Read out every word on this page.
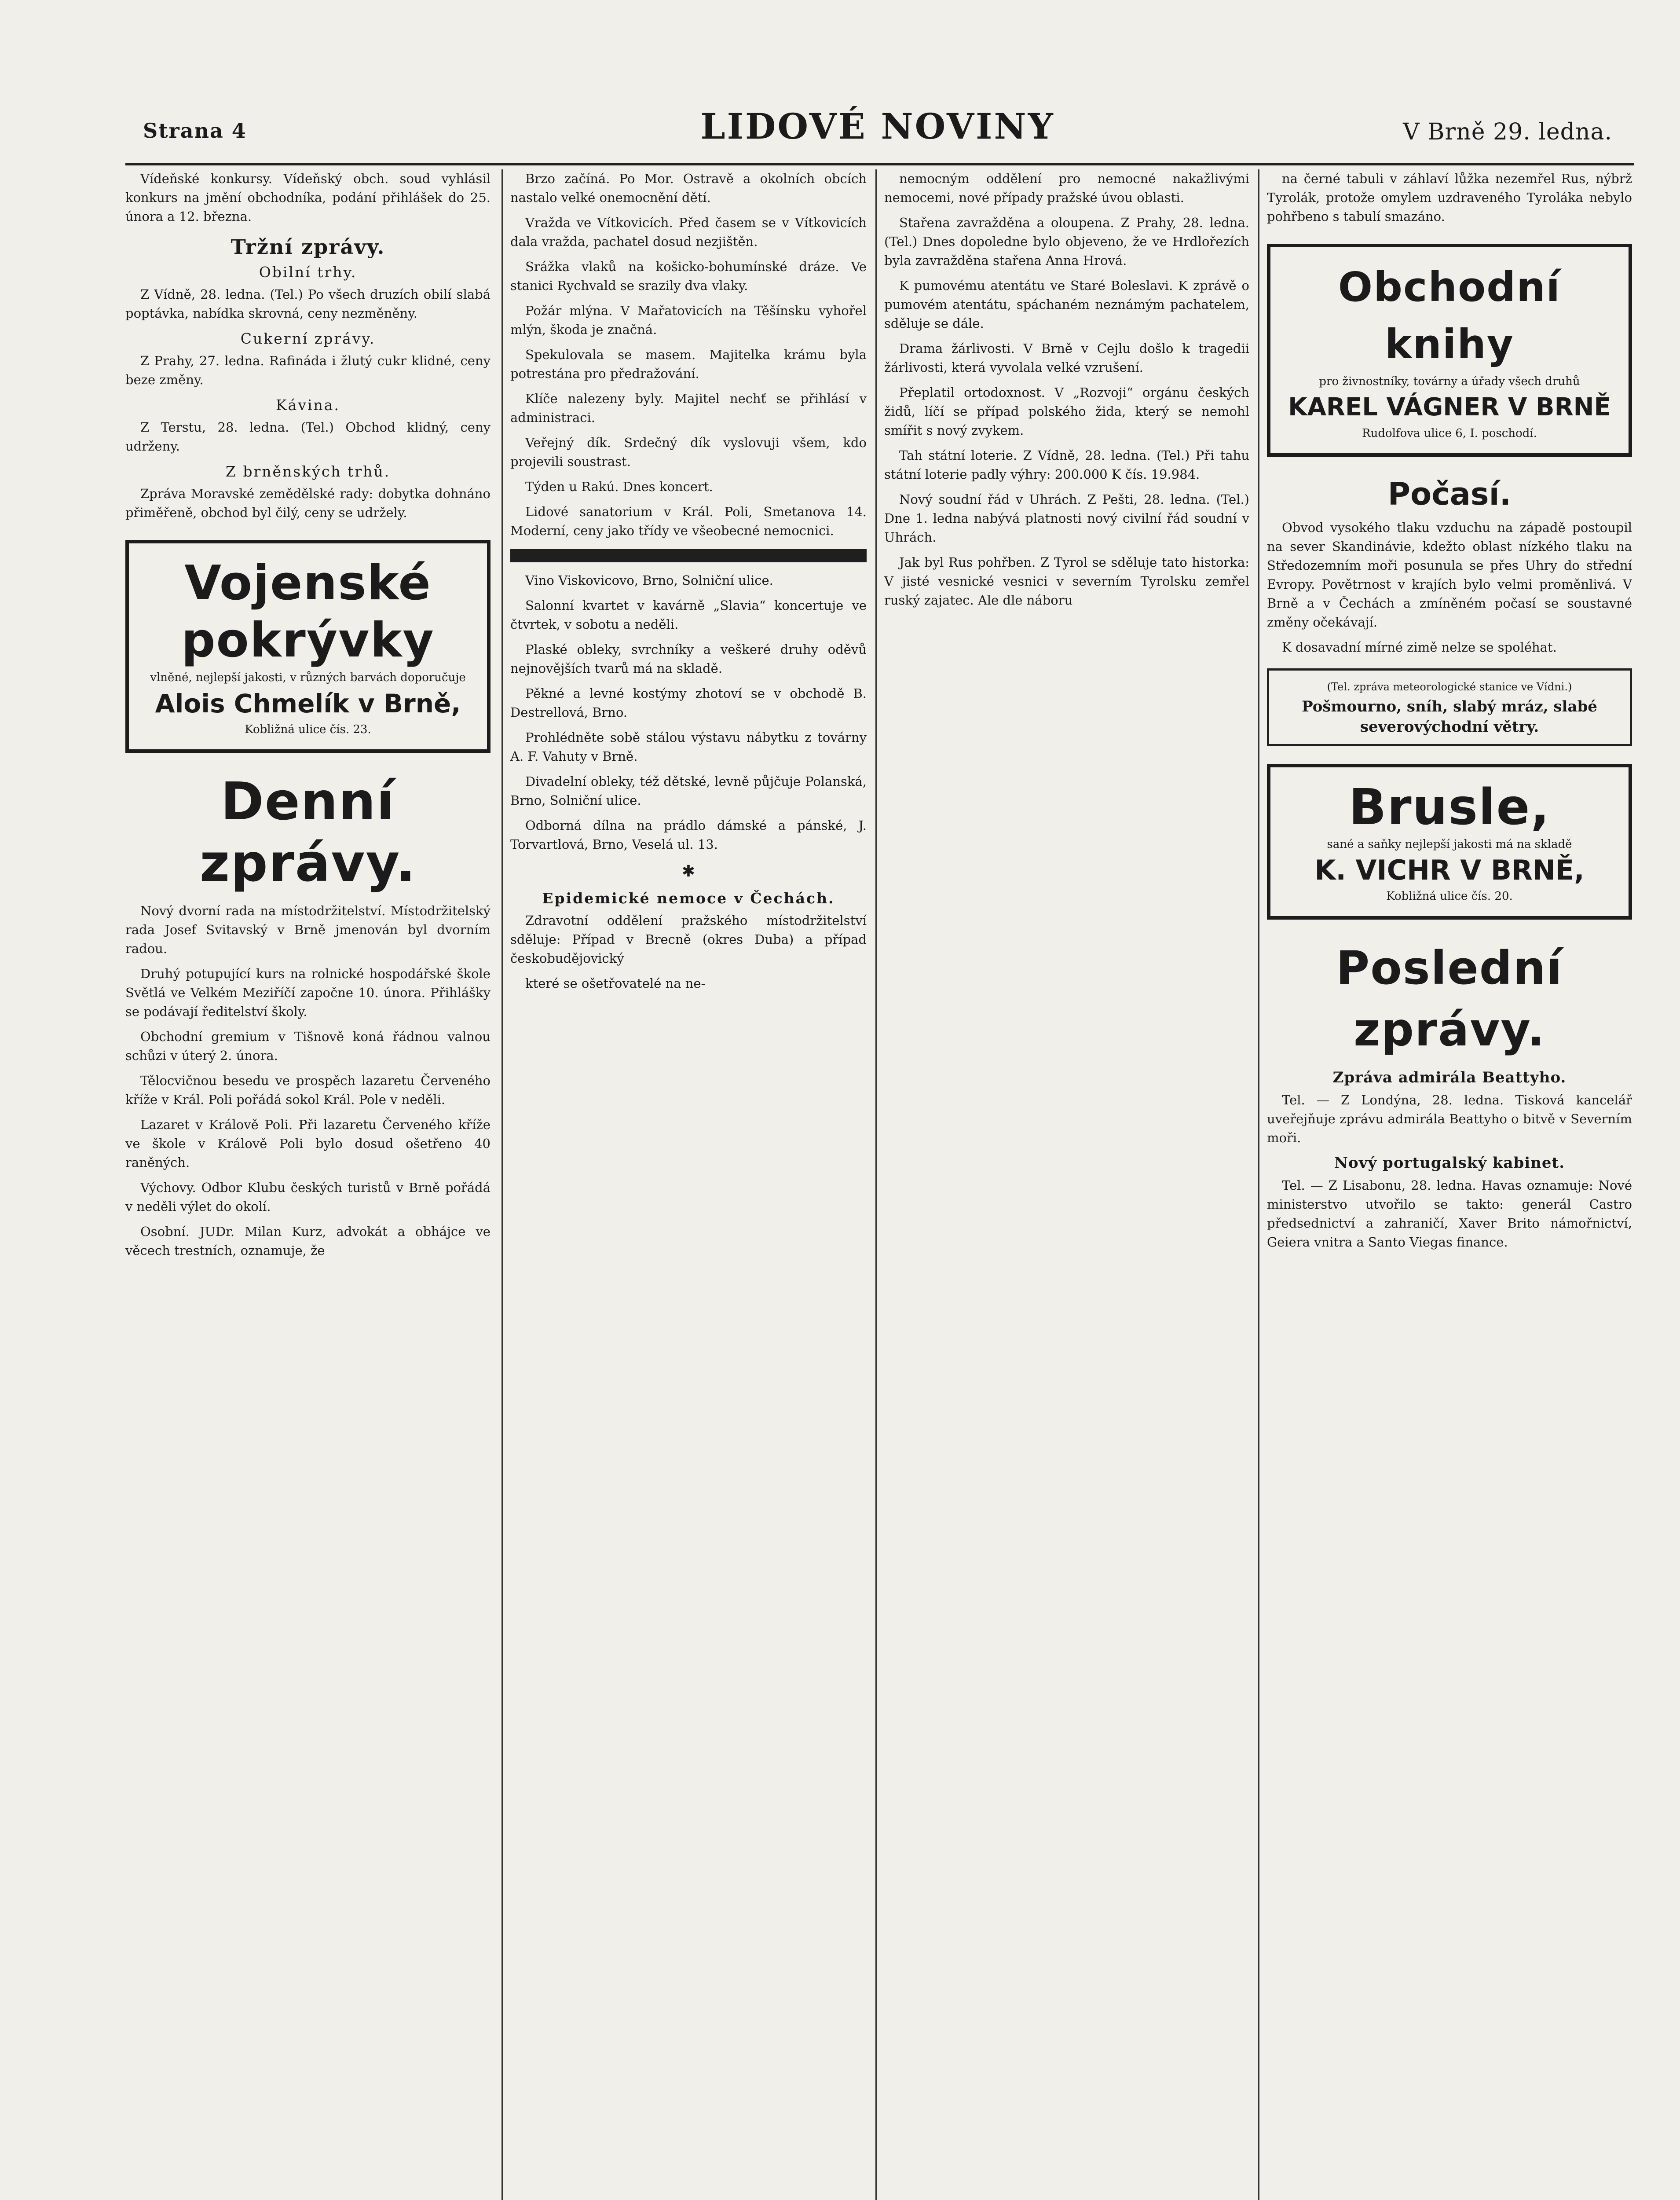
Strana 4	LIDOVÉ NOVINY	V Brně 29. ledna.

Vídeňské konkursy. Vídeňský obch. soud vyhlásil konkurs na jmění obchodníka, podání přihlášek do 25. února a 12. března.

Tržní zprávy.
Obilní trhy.

Z Vídně, 28. ledna. (Tel.) Po všech druzích obilí slabá poptávka, nabídka skrovná, ceny nezměněny.

Cukerní zprávy.

Z Prahy, 27. ledna. Rafináda i žlutý cukr klidné, ceny beze změny.

Kávina.

Z Terstu, 28. ledna. (Tel.) Obchod klidný, ceny udrženy.

Z brněnských trhů.

Zpráva Moravské zemědělské rady: dobytka dohnáno přiměřeně, obchod byl čilý, ceny se udržely.

Vojenské pokrývky
vlněné, nejlepší jakosti, v různých barvách doporučuje
Alois Chmelík v Brně,
Kobližná ulice čís. 23.
Denní zprávy.

Nový dvorní rada na místodržitelství. Místodržitelský rada Josef Svitavský v Brně jmenován byl dvorním radou.

Druhý potupující kurs na rolnické hospodářské škole Světlá ve Velkém Meziříčí započne 10. února. Přihlášky se podávají ředitelství školy.

Obchodní gremium v Tišnově koná řádnou valnou schůzi v úterý 2. února.

Tělocvičnou besedu ve prospěch lazaretu Červeného kříže v Král. Poli pořádá sokol Král. Pole v neděli.

Lazaret v Králově Poli. Při lazaretu Červeného kříže ve škole v Králově Poli bylo dosud ošetřeno 40 raněných.

Výchovy. Odbor Klubu českých turistů v Brně pořádá v neděli výlet do okolí.

Osobní. JUDr. Milan Kurz, advokát a obhájce ve věcech trestních, oznamuje, že

Brzo začíná. Po Mor. Ostravě a okolních obcích nastalo velké onemocnění dětí.

Vražda ve Vítkovicích. Před časem se v Vítkovicích dala vražda, pachatel dosud nezjištěn.

Srážka vlaků na košicko-bohumínské dráze. Ve stanici Rychvald se srazily dva vlaky.

Požár mlýna. V Mařatovicích na Těšínsku vyhořel mlýn, škoda je značná.

Spekulovala se masem. Majitelka krámu byla potrestána pro předražování.

Klíče nalezeny byly. Majitel nechť se přihlásí v administraci.

Veřejný dík. Srdečný dík vyslovuji všem, kdo projevili soustrast.

Týden u Rakú. Dnes koncert.

Lidové sanatorium v Král. Poli, Smetanova 14. Moderní, ceny jako třídy ve všeobecné nemocnici.

Vino Viskovicovo, Brno, Solniční ulice.

Salonní kvartet v kavárně „Slavia“ koncertuje ve čtvrtek, v sobotu a neděli.

Plaské obleky, svrchníky a veškeré druhy oděvů nejnovějších tvarů má na skladě.

Pěkné a levné kostýmy zhotoví se v obchodě B. Destrellová, Brno.

Prohlédněte sobě stálou výstavu nábytku z továrny A. F. Vahuty v Brně.

Divadelní obleky, též dětské, levně půjčuje Polanská, Brno, Solniční ulice.

Odborná dílna na prádlo dámské a pánské, J. Torvartlová, Brno, Veselá ul. 13.

✱
Epidemické nemoce v Čechách.

Zdravotní oddělení pražského místodržitelství sděluje: Případ v Brecně (okres Duba) a případ českobudějovický

které se ošetřovatelé na ne-

nemocným oddělení pro nemocné nakažlivými nemocemi, nové případy pražské úvou oblasti.

Stařena zavražděna a oloupena. Z Prahy, 28. ledna. (Tel.) Dnes dopoledne bylo objeveno, že ve Hrdlořezích byla zavražděna stařena Anna Hrová.

K pumovému atentátu ve Staré Boleslavi. K zprávě o pumovém atentátu, spáchaném neznámým pachatelem, sděluje se dále.

Drama žárlivosti. V Brně v Cejlu došlo k tragedii žárlivosti, která vyvolala velké vzrušení.

Přeplatil ortodoxnost. V „Rozvoji“ orgánu českých židů, líčí se případ polského žida, který se nemohl smířit s nový zvykem.

Tah státní loterie. Z Vídně, 28. ledna. (Tel.) Při tahu státní loterie padly výhry: 200.000 K čís. 19.984.

Nový soudní řád v Uhrách. Z Pešti, 28. ledna. (Tel.) Dne 1. ledna nabývá platnosti nový civilní řád soudní v Uhrách.

Jak byl Rus pohřben. Z Tyrol se sděluje tato historka: V jisté vesnické vesnici v severním Tyrolsku zemřel ruský zajatec. Ale dle náboru

na černé tabuli v záhlaví lůžka nezemřel Rus, nýbrž Tyrolák, protože omylem uzdraveného Tyroláka nebylo pohřbeno s tabulí smazáno.

Obchodní knihy
pro živnostníky, továrny a úřady všech druhů
KAREL VÁGNER V BRNĚ
Rudolfova ulice 6, I. poschodí.
Počasí.

Obvod vysokého tlaku vzduchu na západě postoupil na sever Skandinávie, kdežto oblast nízkého tlaku na Středozemním moři posunula se přes Uhry do střední Evropy. Povětrnost v krajích bylo velmi proměnlivá. V Brně a v Čechách a zmíněném počasí se soustavné změny očekávají.

K dosavadní mírné zimě nelze se spoléhat.

(Tel. zpráva meteorologické stanice ve Vídni.)
Pošmourno, sníh, slabý mráz, slabé severovýchodní větry.
Brusle,
sané a saňky nejlepší jakosti má na skladě
K. VICHR V BRNĚ,
Kobližná ulice čís. 20.
Poslední zprávy.
Zpráva admirála Beattyho.

Tel. — Z Londýna, 28. ledna. Tisková kancelář uveřejňuje zprávu admirála Beattyho o bitvě v Severním moři.

Nový portugalský kabinet.

Tel. — Z Lisabonu, 28. ledna. Havas oznamuje: Nové ministerstvo utvořilo se takto: generál Castro předsednictví a zahraničí, Xaver Brito námořnictví, Geiera vnitra a Santo Viegas finance.
